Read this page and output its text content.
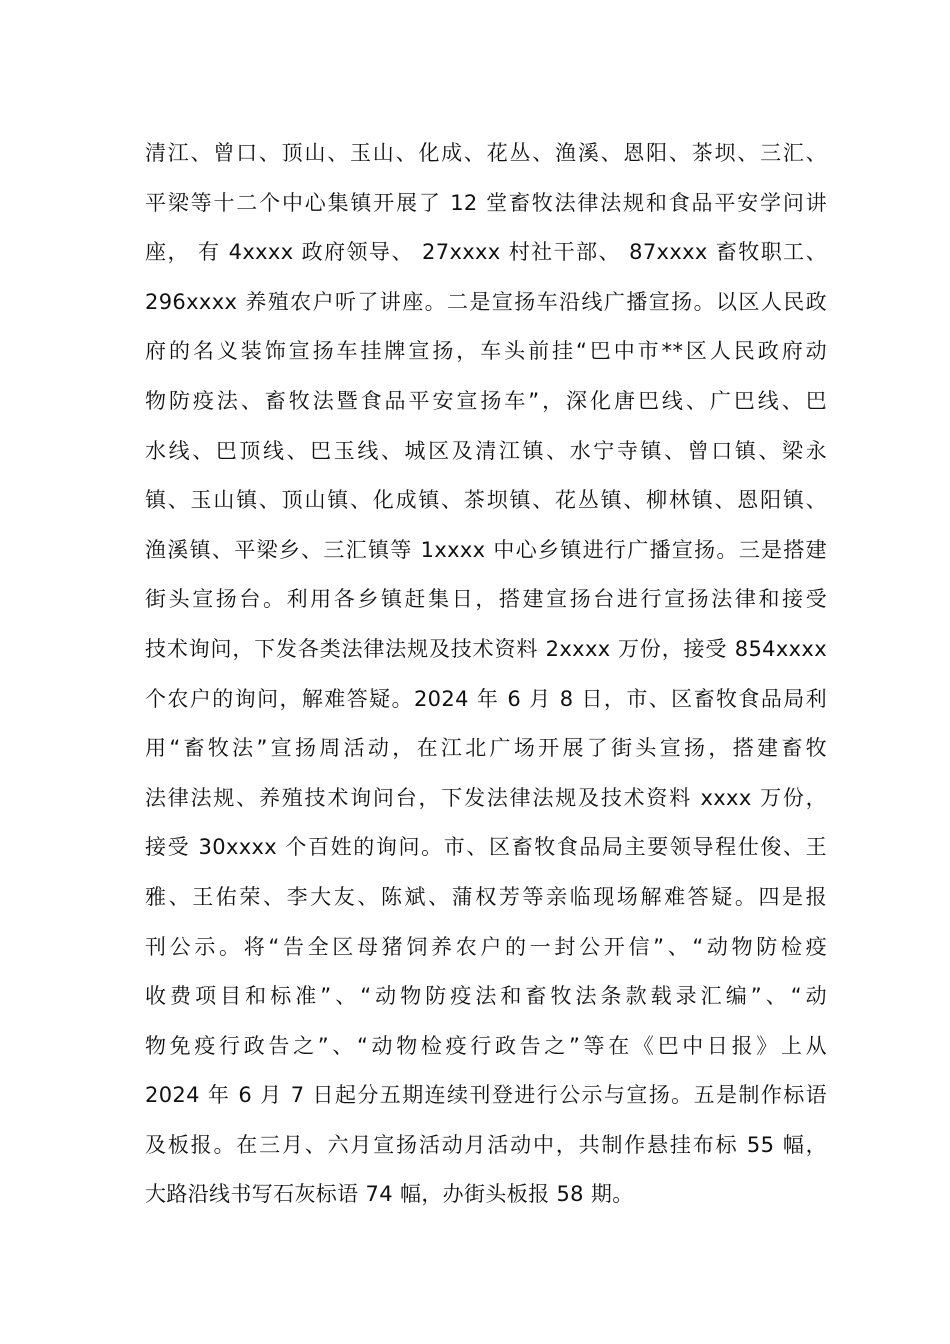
清江、曾口、顶山、玉山、化成、花丛、渔溪、恩阳、茶坝、三汇、
平梁等十二个中心集镇开展了 12 堂畜牧法律法规和食品平安学问讲
座， 有 4xxxx 政府领导、 27xxxx 村社干部、 87xxxx 畜牧职工、
296xxxx 养殖农户听了讲座。二是宣扬车沿线广播宣扬。以区人民政
府的名义装饰宣扬车挂牌宣扬，车头前挂“巴中市**区人民政府动
物防疫法、畜牧法暨食品平安宣扬车”，深化唐巴线、广巴线、巴
水线、巴顶线、巴玉线、城区及清江镇、水宁寺镇、曾口镇、梁永
镇、玉山镇、顶山镇、化成镇、茶坝镇、花丛镇、柳林镇、恩阳镇、
渔溪镇、平梁乡、三汇镇等 1xxxx 中心乡镇进行广播宣扬。三是搭建
街头宣扬台。利用各乡镇赶集日，搭建宣扬台进行宣扬法律和接受
技术询问，下发各类法律法规及技术资料 2xxxx 万份，接受 854xxxx
个农户的询问，解难答疑。2024 年 6 月 8 日，市、区畜牧食品局利
用“畜牧法”宣扬周活动，在江北广场开展了街头宣扬，搭建畜牧
法律法规、养殖技术询问台，下发法律法规及技术资料 xxxx 万份，
接受 30xxxx 个百姓的询问。市、区畜牧食品局主要领导程仕俊、王
雅、王佑荣、李大友、陈斌、蒲权芳等亲临现场解难答疑。四是报
刊公示。将“告全区母猪饲养农户的一封公开信”、“动物防检疫
收费项目和标准”、“动物防疫法和畜牧法条款载录汇编”、“动
物免疫行政告之”、“动物检疫行政告之”等在《巴中日报》上从
2024 年 6 月 7 日起分五期连续刊登进行公示与宣扬。五是制作标语
及板报。在三月、六月宣扬活动月活动中，共制作悬挂布标 55 幅，
大路沿线书写石灰标语 74 幅，办街头板报 58 期。
